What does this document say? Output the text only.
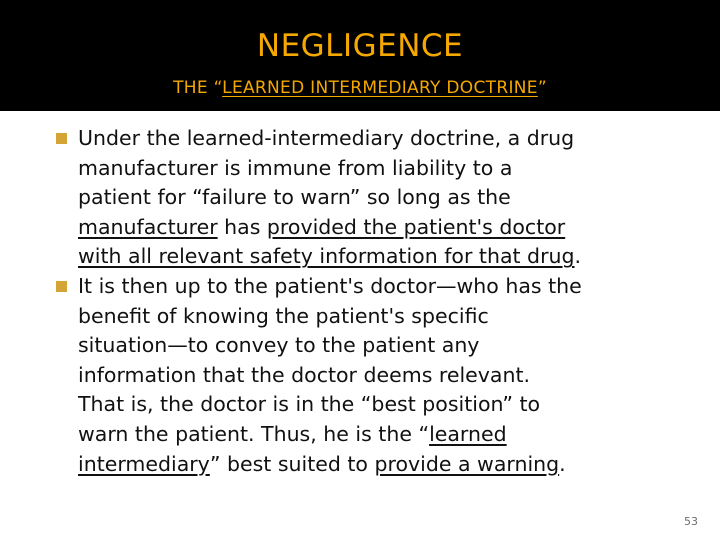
NEGLIGENCE
THE “LEARNED INTERMEDIARY DOCTRINE”
Under the learned-intermediary doctrine, a drug
manufacturer is immune from liability to a
patient for “failure to warn” so long as the
manufacturer has provided the patient's doctor
with all relevant safety information for that drug.
It is then up to the patient's doctor—who has the
benefit of knowing the patient's specific
situation—to convey to the patient any
information that the doctor deems relevant.
That is, the doctor is in the “best position” to
warn the patient. Thus, he is the “learned
intermediary” best suited to provide a warning.
53
